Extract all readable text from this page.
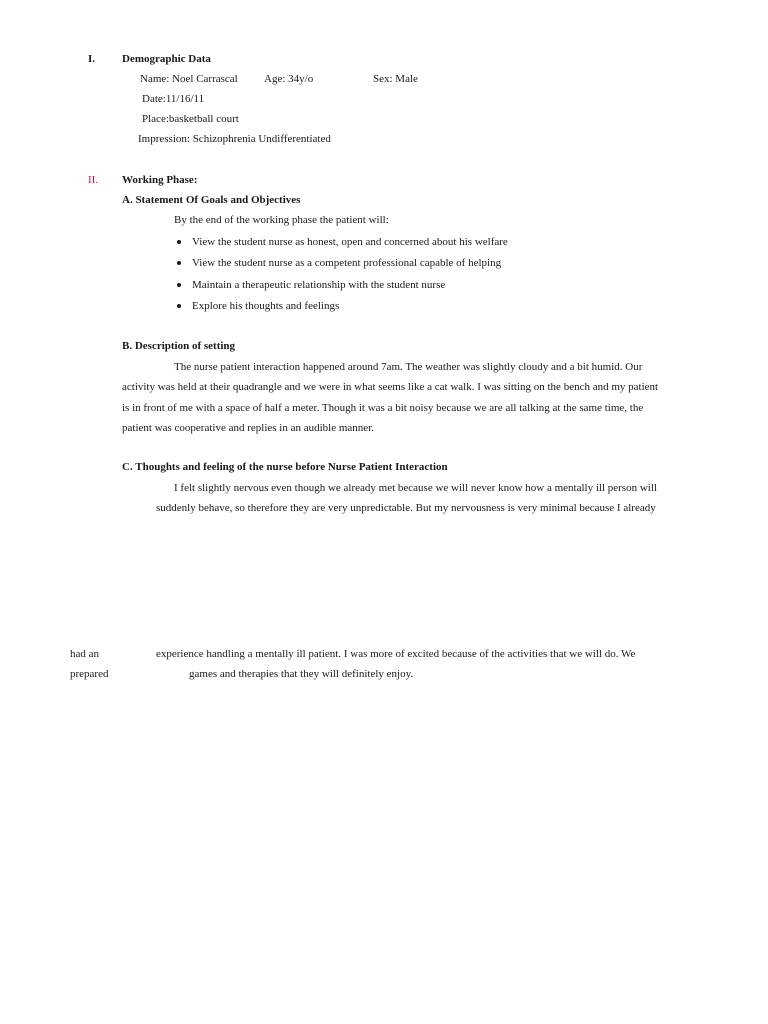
I. Demographic Data
Name: Noel Carrascal Age: 34y/o	Sex: Male
Date:11/16/11
Place:basketball court
Impression: Schizophrenia Undifferentiated
II. Working Phase:
A. Statement Of Goals and Objectives
By the end of the working phase the patient will:
View the student nurse as honest, open and concerned about his welfare
View the student nurse as a competent professional capable of helping
Maintain a therapeutic relationship with the student nurse
Explore his thoughts and feelings
B. Description of setting
The nurse patient interaction happened around 7am. The weather was slightly cloudy and a bit humid. Our
activity was held at their quadrangle and we were in what seems like a cat walk. I was sitting on the bench and my patient
is in front of me with a space of half a meter. Though it was a bit noisy because we are all talking at the same time, the
patient was cooperative and replies in an audible manner.
C. Thoughts and feeling of the nurse before Nurse Patient Interaction
I felt slightly nervous even though we already met because we will never know how a mentally ill person will
suddenly behave, so therefore they are very unpredictable. But my nervousness is very minimal because I already
had an	experience handling a mentally ill patient. I was more of excited because of the activities that we will do. We
prepared	games and therapies that they will definitely enjoy.
